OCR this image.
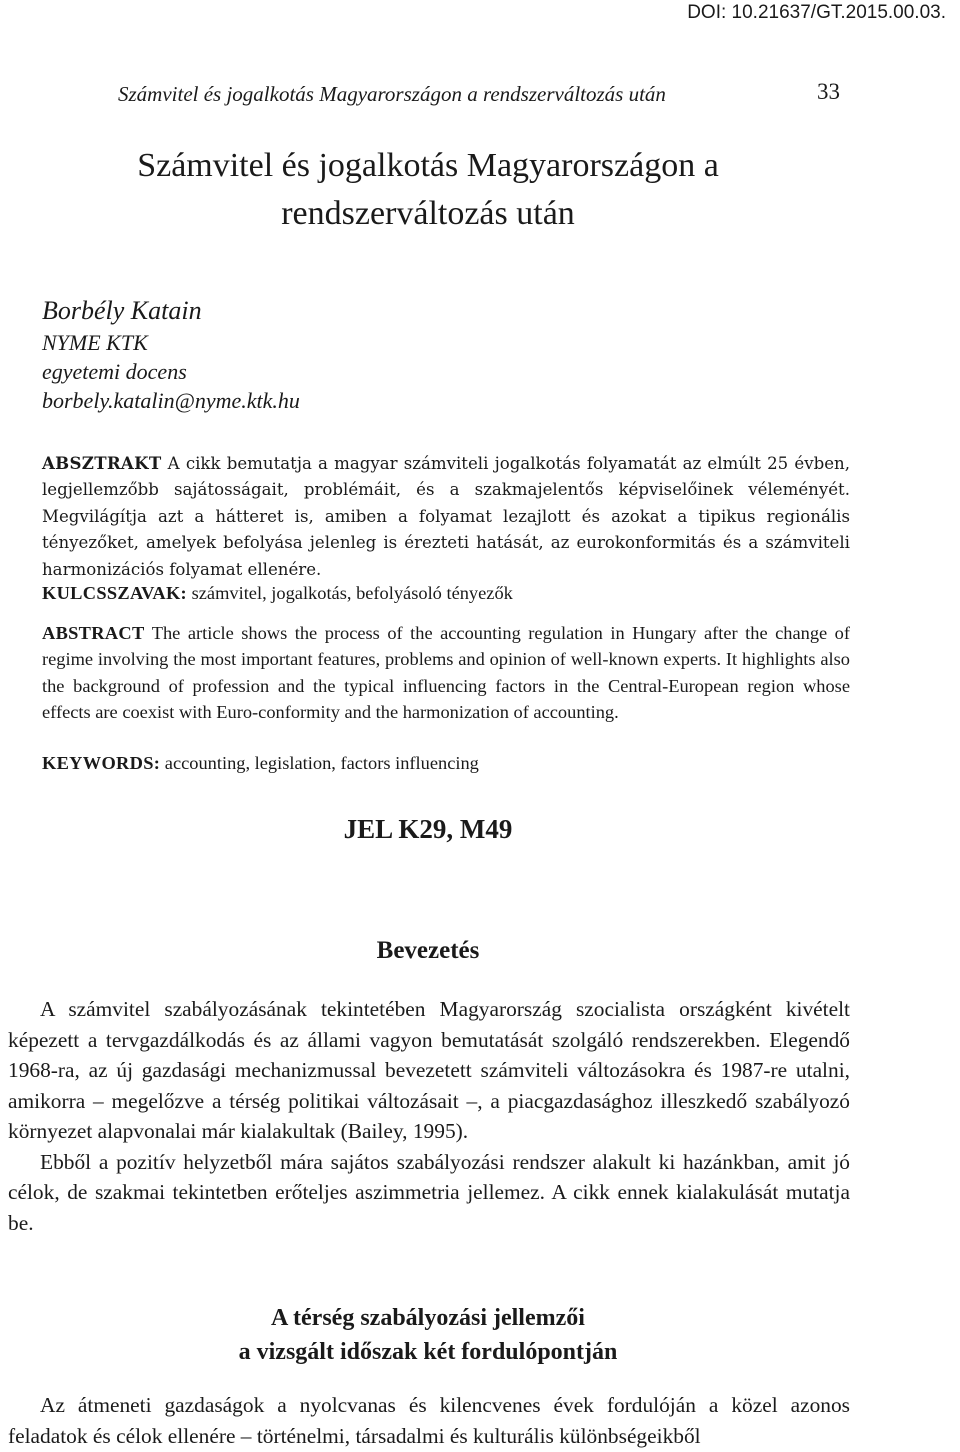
DOI: 10.21637/GT.2015.00.03.
Számvitel és jogalkotás Magyarországon a rendszerváltozás után	33
Számvitel és jogalkotás Magyarországon a
rendszerváltozás után
Borbély Katain
NYME KTK
egyetemi docens
borbely.katalin@nyme.ktk.hu
ABSZTRAKT A cikk bemutatja a magyar számviteli jogalkotás folyamatát az elmúlt 25 évben, legjellemzőbb sajátosságait, problémáit, és a szakmajelentős képviselőinek véleményét. Megvilágítja azt a hátteret is, amiben a folyamat lezajlott és azokat a tipikus regionális tényezőket, amelyek befolyása jelenleg is érezteti hatását, az eurokonformitás és a számviteli harmonizációs folyamat ellenére.
KULCSSZAVAK: számvitel, jogalkotás, befolyásoló tényezők
ABSTRACT The article shows the process of the accounting regulation in Hungary after the change of regime involving the most important features, problems and opinion of well-known experts. It highlights also the background of profession and the typical influencing factors in the Central-European region whose effects are coexist with Euro-conformity and the harmonization of accounting.
KEYWORDS: accounting, legislation, factors influencing
JEL K29, M49
Bevezetés

A számvitel szabályozásának tekintetében Magyarország szocialista országként kivételt képezett a tervgazdálkodás és az állami vagyon bemutatását szolgáló rendszerekben. Elegendő 1968-ra, az új gazdasági mechanizmussal bevezetett számviteli változásokra és 1987-re utalni, amikorra – megelőzve a térség politikai változásait –, a piacgazdasághoz illeszkedő szabályozó környezet alapvonalai már kialakultak (Bailey, 1995).

Ebből a pozitív helyzetből mára sajátos szabályozási rendszer alakult ki hazánkban, amit jó célok, de szakmai tekintetben erőteljes aszimmetria jellemez. A cikk ennek kialakulását mutatja be.

A térség szabályozási jellemzői
a vizsgált időszak két fordulópontján

Az átmeneti gazdaságok a nyolcvanas és kilencvenes évek fordulóján a közel azonos feladatok és célok ellenére – történelmi, társadalmi és kulturális különbségeikből
